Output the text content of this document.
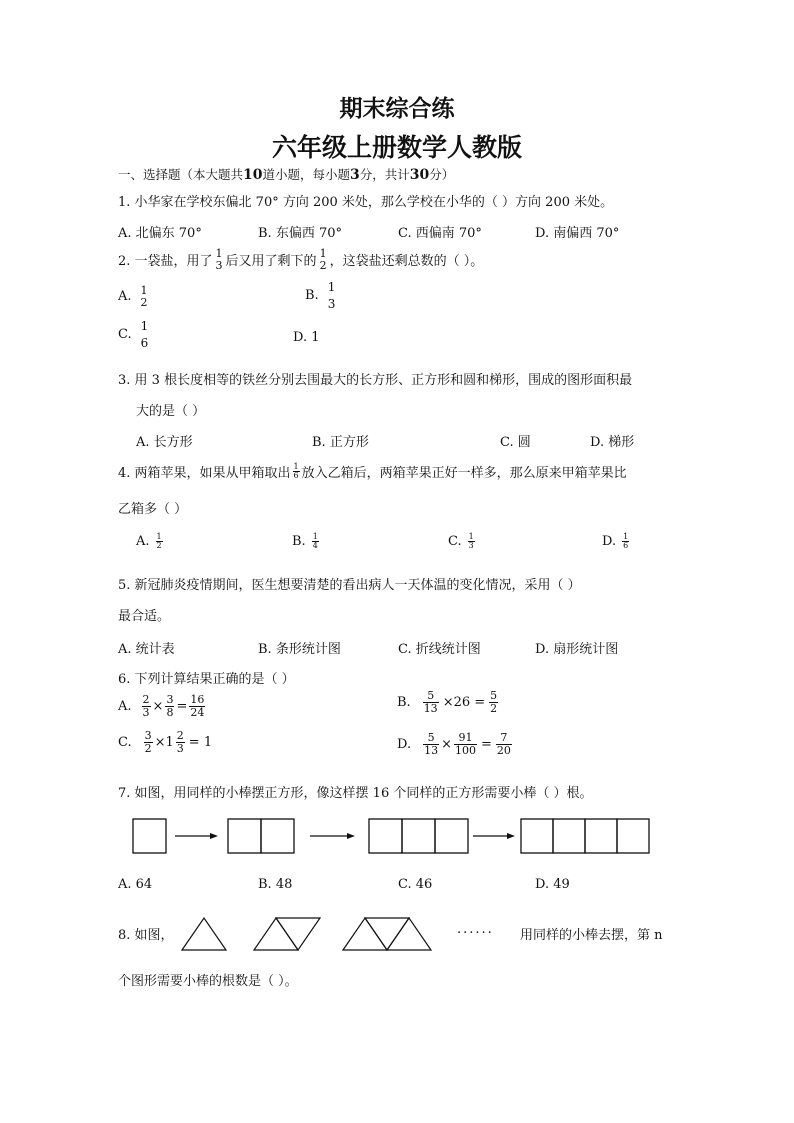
期末综合练
六年级上册数学人教版
一、选择题（本大题共10道小题，每小题3分，共计30分）
1. 小华家在学校东偏北 70° 方向 200 米处，那么学校在小华的（ ）方向 200 米处。
A. 北偏东 70°	B. 东偏西 70°	C. 西偏南 70°	D. 南偏西 70°
2. 一袋盐，用了
1
3 后又用了剩下的
1
2 ，这袋盐还剩总数的（ ）。
A. 1
2	B.
1
3
C.
1
6	D. 1
3. 用 3 根长度相等的铁丝分别去围最大的长方形、正方形和圆和梯形，围成的图形面积最
大的是（ ）
A. 长方形	B. 正方形	C. 圆	D. 梯形
4. 两箱苹果，如果从甲箱取出 $\frac{1}{6}$ 放入乙箱后，两箱苹果正好一样多，那么原来甲箱苹果比
乙箱多（ ）
A. $\frac{1}{2}$	B. $\frac{1}{4}$	C. $\frac{1}{3}$	D. $\frac{1}{6}$
5. 新冠肺炎疫情期间，医生想要清楚的看出病人一天体温的变化情况，采用（ ）
最合适。
A. 统计表	B. 条形统计图	C. 折线统计图	D. 扇形统计图
6. 下列计算结果正确的是（ ）
A. $\frac{2}{3} \times \frac{3}{8} = \frac{16}{24}$	B. $\frac{5}{13} \times 26 = \frac{5}{2}$
C. $\frac{3}{2} \times 1 \frac{2}{3} = 1$	D. $\frac{5}{13} \times \frac{91}{100} = \frac{7}{20}$
7. 如图，用同样的小棒摆正方形，像这样摆 16 个同样的正方形需要小棒（ ）根。
A. 64	B. 48	C. 46	D. 49
8. 如图，	...... 用同样的小棒去摆，第 n
个图形需要小棒的根数是（ ）。
